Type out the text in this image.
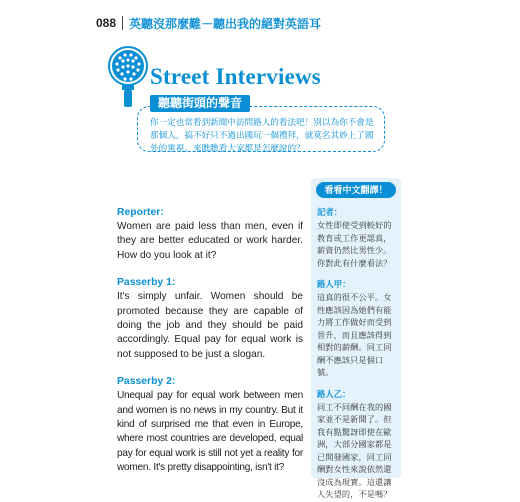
088 英聽沒那麼難－聽出我的絕對英語耳
Street Interviews

你一定也常看到新聞中訪問路人的看法吧！別以為你不會是那個人，搞不好只不過出國玩一個禮拜，就莫名其妙上了國外的電視。來瞧瞧看大家都是怎麼說的？

聽聽街頭的聲音

Reporter:

Women are paid less than men, even if they are better educated or work harder. How do you look at it?

Passerby 1:

It's simply unfair. Women should be promoted because they are capable of doing the job and they should be paid accordingly. Equal pay for equal work is not supposed to be just a slogan.

Passerby 2:

Unequal pay for equal work between men and women is no news in my country. But it kind of surprised me that even in Europe, where most countries are developed, equal pay for equal work is still not yet a reality for women. It's pretty disappointing, isn't it?

看看中文翻譯！

記者：

女性即使受到較好的教育或工作更認真，薪資仍然比男性少。你對此有什麼看法？

路人甲：

這真的很不公平。女性應該因為她們有能力將工作做好而受到晉升，而且應該得到相對的薪酬。同工同酬不應該只是個口號。

路人乙：

同工不同酬在我的國家並不是新聞了。但我有點驚訝即使在歐洲，大部分國家都是已開發國家，同工同酬對女性來說依然還沒成為現實。這還讓人失望的，不是嗎？
